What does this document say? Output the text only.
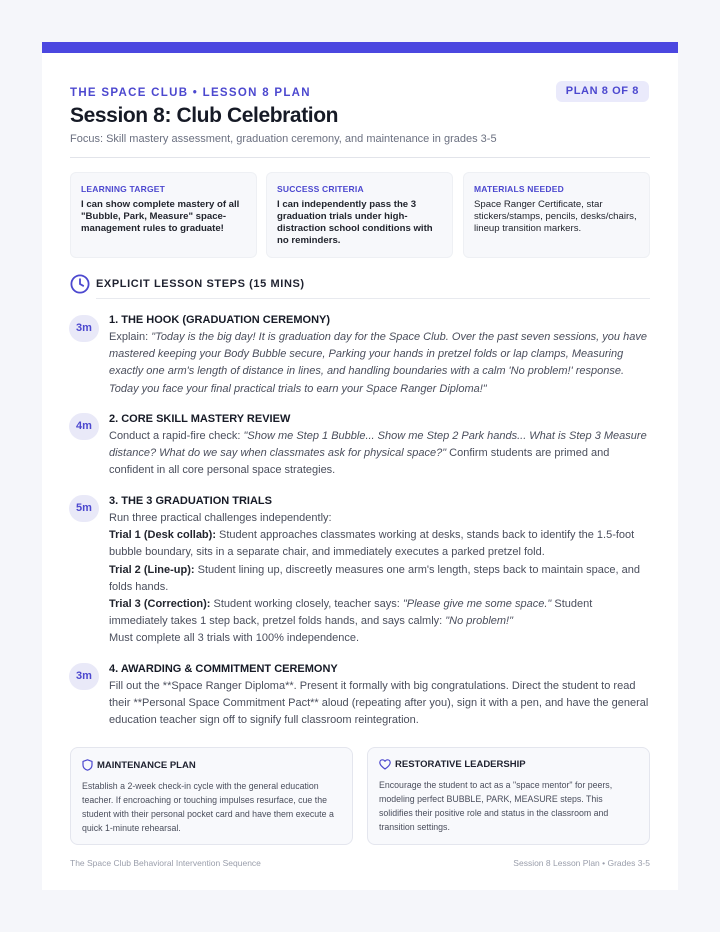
THE SPACE CLUB • LESSON 8 PLAN	PLAN 8 OF 8
Session 8: Club Celebration
Focus: Skill mastery assessment, graduation ceremony, and maintenance in grades 3-5
LEARNING TARGET
I can show complete mastery of all "Bubble, Park, Measure" space-management rules to graduate!
SUCCESS CRITERIA
I can independently pass the 3 graduation trials under high-distraction school conditions with no reminders.
MATERIALS NEEDED
Space Ranger Certificate, star stickers/stamps, pencils, desks/chairs, lineup transition markers.
EXPLICIT LESSON STEPS (15 MINS)
3m
1. THE HOOK (GRADUATION CEREMONY)
Explain: "Today is the big day! It is graduation day for the Space Club. Over the past seven sessions, you have mastered keeping your Body Bubble secure, Parking your hands in pretzel folds or lap clamps, Measuring exactly one arm's length of distance in lines, and handling boundaries with a calm 'No problem!' response. Today you face your final practical trials to earn your Space Ranger Diploma!"
4m
2. CORE SKILL MASTERY REVIEW
Conduct a rapid-fire check: "Show me Step 1 Bubble... Show me Step 2 Park hands... What is Step 3 Measure distance? What do we say when classmates ask for physical space?" Confirm students are primed and confident in all core personal space strategies.
5m
3. THE 3 GRADUATION TRIALS
Run three practical challenges independently:
Trial 1 (Desk collab): Student approaches classmates working at desks, stands back to identify the 1.5-foot bubble boundary, sits in a separate chair, and immediately executes a parked pretzel fold.
Trial 2 (Line-up): Student lining up, discreetly measures one arm's length, steps back to maintain space, and folds hands.
Trial 3 (Correction): Student working closely, teacher says: "Please give me some space." Student immediately takes 1 step back, pretzel folds hands, and says calmly: "No problem!"
Must complete all 3 trials with 100% independence.
3m
4. AWARDING & COMMITMENT CEREMONY
Fill out the **Space Ranger Diploma**. Present it formally with big congratulations. Direct the student to read their **Personal Space Commitment Pact** aloud (repeating after you), sign it with a pen, and have the general education teacher sign off to signify full classroom reintegration.
MAINTENANCE PLAN
Establish a 2-week check-in cycle with the general education teacher. If encroaching or touching impulses resurface, cue the student with their personal pocket card and have them execute a quick 1-minute rehearsal.
RESTORATIVE LEADERSHIP
Encourage the student to act as a "space mentor" for peers, modeling perfect BUBBLE, PARK, MEASURE steps. This solidifies their positive role and status in the classroom and transition settings.
The Space Club Behavioral Intervention Sequence	Session 8 Lesson Plan • Grades 3-5
